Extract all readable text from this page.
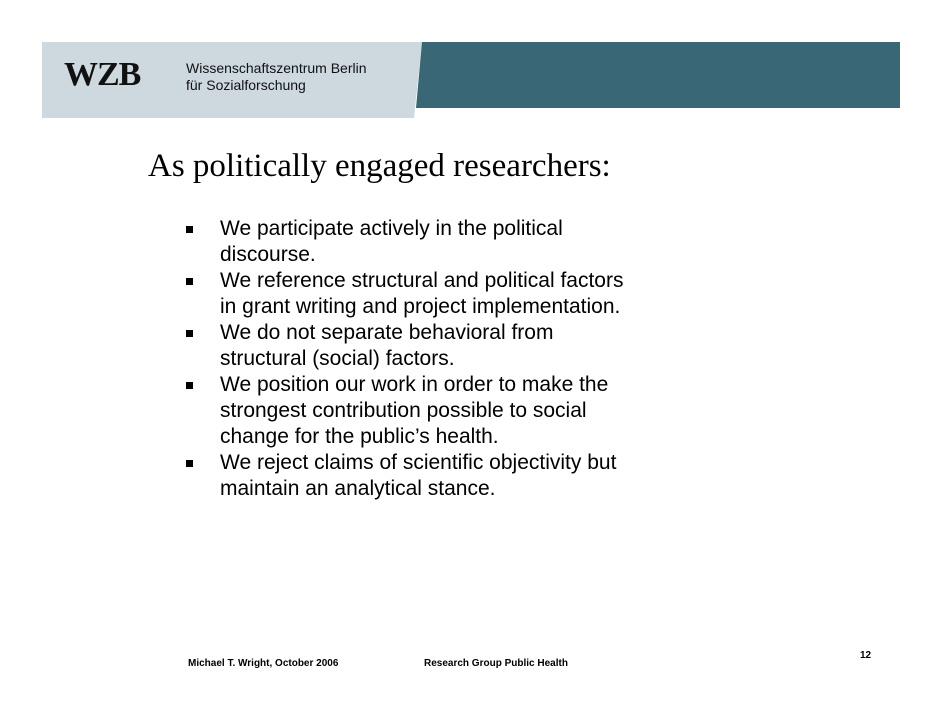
WZB	Wissenschaftszentrum Berlin
für Sozialforschung
As politically engaged researchers:
We participate actively in the political
discourse.
We reference structural and political factors
in grant writing and project implementation.
We do not separate behavioral from
structural (social) factors.
We position our work in order to make the
strongest contribution possible to social
change for the public’s health.
We reject claims of scientific objectivity but
maintain an analytical stance.
Michael T. Wright, October 2006	Research Group Public Health
12
